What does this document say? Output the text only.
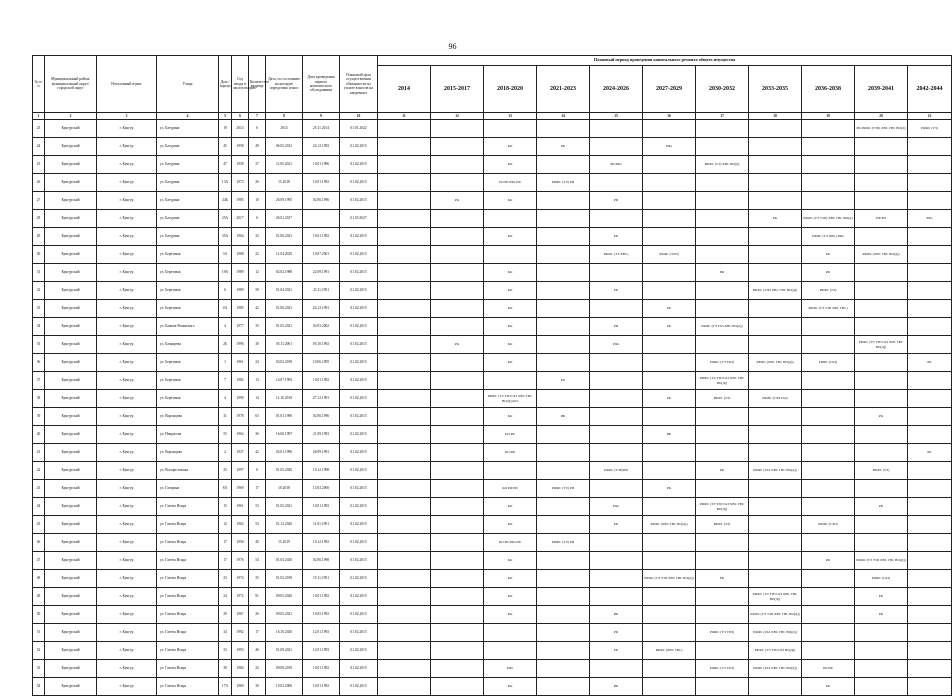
96
№ п/п	Муниципальный район/муниципальный округ/городской округ	Населенный пункт	Улица	Дом / корпус	Год ввода в эксплуатацию	Количество квартир	Дата, по состоянию на которую определено износ	Дата проведения первого комплексного обследования	Плановый срок осуществления обязанности по уплате взносов на капремонт	Плановый период проведения капитального ремонта общего имущества										
										2014	2015-2017	2018-2020	2021-2023	2024-2026	2027-2029	2030-2032	2033-2035	2036-2038	2039-2041	2042-2044
1	2	3	4	5	6	7	8	9	10	11	12	13	14	15	16	17	18	19	20	21
23	Кунгурский	г. Кунгур	ул. Батурина	19	2014	6	2014	25.11.2014	01.01.2022										РК.РФФС (ТЗП) ХВС ГВС ВО(Д)	РФФС (ТЭ)
24	Кунгурский	г. Кунгур	ул. Батурина	45	1958	49	06.05.2012	24.12.1993	01.02.2015			КО	РК		РФа					
25	Кунгурский	г. Кунгур	ул. Батурина	47	1958	37	11.05.2021	10.01.1996	01.02.2015			КО		РК.РФа		РФФС (ТЭ) ХВС ВО(Д)				
26	Кунгурский	г. Кунгур	ул. Батурина	13А	1973	26	15.2018	10.01.1992	01.02.2015			РО РК РФа РФ	РФФС (ТЭ) РИ							
27	Кунгурский	г. Кунгур	ул. Батурина	24Б	1985	10	26.09.1995	02.06.1996	01.02.2015		РК	КО		РИ						
28	Кунгурский	г. Кунгур	ул. Батурина	25А	2017	6	26.01.2017		01.03.2027								РК	РФФС (ТЭ ТЗП) ХВС ГВС ВО(Д)	РФ РИ	РФа
29	Кунгурский	г. Кунгур	ул. Батурина	35А	1964	32	01.06.2021	19.01.1992	01.02.2015			КО		РК				РФФС (ТЭ ХВС) РФа		
30	Кунгурский	г. Кунгур	ул. Березовая	3А	1988	22	11.04.2020	10.07.2001	01.02.2015					РФФС (ТЭ ХВС)	РФФС (ЭТП)			РК	РФФС (ХВС ГВС ВО(Д))	
31	Кунгурский	г. Кунгур	ул. Березовая	19А	1989	12	02.02.1988	22.09.1991	01.02.2015			КО				РФ		РК		
32	Кунгурский	г. Кунгур	ул. Березовая	6	1989	58	01.04.2021	23.11.1991	01.02.2015			КО		РК			РФФС (ТЭП ХВС ГВС ВО(Д))	РФФС (ТЭ)		
33	Кунгурский	г. Кунгур	ул. Березовая	4А	1985	42	01.06.2021	24.12.1991	01.02.2015			КО			РК			РФФС (ТЭ ТЗП ХВС ГВС)		
34	Кунгурский	г. Кунгур	ул. Бажова-Ровенского	4	1977	35	01.05.2021	02.03.2002	01.02.2015			КО		РИ	РК	РФФС (ТЭ ГАЗ ХВС ВО(Д))				
35	Кунгурский	г. Кунгур	ул. Бачкирева	2Б	1996	30	05.11.2001	05.10.1992	01.02.2015		РК	КО		РФа					РФФС (ТЭ ТЗП ГАЗ ХВС ГВС ВО(Д))	
36	Кунгурский	г. Кунгур	ул. Березовая	1	1961	24	03.02.2018	10.06.1995	01.02.2015			КО				РФФС (ТЭ ТЗП)	РФФС (ХВС ГВС ВО(Д))	РФФС (ГАЗ)		РК
37	Кунгурский	г. Кунгур	ул. Березовая	7	1982	13	14.07.1993	10.01.1992	01.02.2015				РК			РФФС (ТЭ ТЗП ГАЗ ХВС ГВС ВО(Д))				
38	Кунгурский	г. Кунгур	ул. Березовая	4	1990	14	11.10.2018	27.12.1991	01.02.2015			РФФС (ТЭ ТЗП ГАЗ ХВС ГВС ВО(Д)) КО			РК	РФФС (ТЭ)	РФФС (ТЗП ГАЗ)			
39	Кунгурский	г. Кунгур	ул. Воронцова	31	1978	63	01.01.1996	02.06.1996	01.02.2015			КО	РФ						РК	
40	Кунгурский	г. Кунгур	ул. Некрасова	55	1962	36	16.06.1997	21.09.1993	01.02.2015			КО РК			РФ					
41	Кунгурский	г. Кунгур	ул. Воронцова	2	1927	42	02.01.1990	26.09.1991	01.02.2015			КО РФ								РК
42	Кунгурский	г. Кунгур	ул. Воскресенская	25	1997	6	01.05.2020	10.12.1998	01.02.2015					РФФС (ТЭП)РФ		РК	РФФС (ГАЗ ХВС ГВС ВО(Д))		РФФС (ТЭ)	
43	Кунгурский	г. Кунгур	ул. Гагарина	8А	1969	17	10.2018	13.03.2000	01.02.2015			КО РФ РИ	РФФС (ТЭ) РИ		РК					
44	Кунгурский	г. Кунгур	ул. Газеты Искра	15	1961	53	01.05.2021	10.01.1992	01.02.2015			КО		РФа		РФФС (ТЭ ТЗП ГАЗ ХВС ГВС ВО(Д))			РК	
45	Кунгурский	г. Кунгур	ул. Газеты Искра	12	1962	53	01.12.2020	11.01.1991	01.02.2015			КО		РК	РФФС (ХВС ГВС ВО(Д))	РФФС (ТЭ)		РФФС (ТЭП)		
46	Кунгурский	г. Кунгур	ул. Газеты Искра	17	1956	40	15.2019	10.12.1992	01.02.2015			КО РК РФа РФ	РФФС (ТЭ) РИ							
47	Кунгурский	г. Кунгур	ул. Газеты Искра	17	1976	54	01.03.2020	02.06.1998	01.02.2015			КО						РК	РФФС (ТЭ ТЗП ХВС ГВС ВО(Д))	
48	Кунгурский	г. Кунгур	ул. Газеты Искра	23	1974	35	01.03.2018	15.11.1991	01.02.2015			КО			РФФС (ТЭ ТЗП ХВС ГВС ВО(Д))	РК			РФФС (ГАЗ)	
49	Кунгурский	г. Кунгур	ул. Газеты Искра	24	1972	91	09.05.2020	10.01.1992	01.02.2015			КО					РФФС (ТЭ ТЗП ГАЗ ХВС ГВС ВО(Д))		РК	
50	Кунгурский	г. Кунгур	ул. Газеты Искра	29	1967	26	09.05.2021	10.05.1992	01.02.2015			КО		РФ			РФФС (ТЭ ТЗП ХВС ГВС ВО(Д))		РК	
51	Кунгурский	г. Кунгур	ул. Газеты Искра	34	1992	17	16.10.2020	12.01.1993	01.02.2015					РК		РФФС (ТЭ ТЗП)	РФФС (ГАЗ ХВС ГВС ВО(Д))			
52	Кунгурский	г. Кунгур	ул. Газеты Искра	33	1993	46	01.09.2021	12.01.1993	01.02.2015					РК	РФФС (ХВС ГВС)		РФФС (ТЭ ТЗП ГАЗ ВО(Д))			
53	Кунгурский	г. Кунгур	ул. Газеты Искра	38	1984	22	09.09.2019	10.01.1992	01.02.2015			РФа				РФФС (ТЭ ТЗП)	РФФС (ГАЗ ХВС ГВС ВО(Д))	РК РФ		
54	Кунгурский	г. Кунгур	ул. Газеты Искра	17А	1969	30	10.02.2000	10.01.1992	01.02.2015			КО		РФ				РК		
